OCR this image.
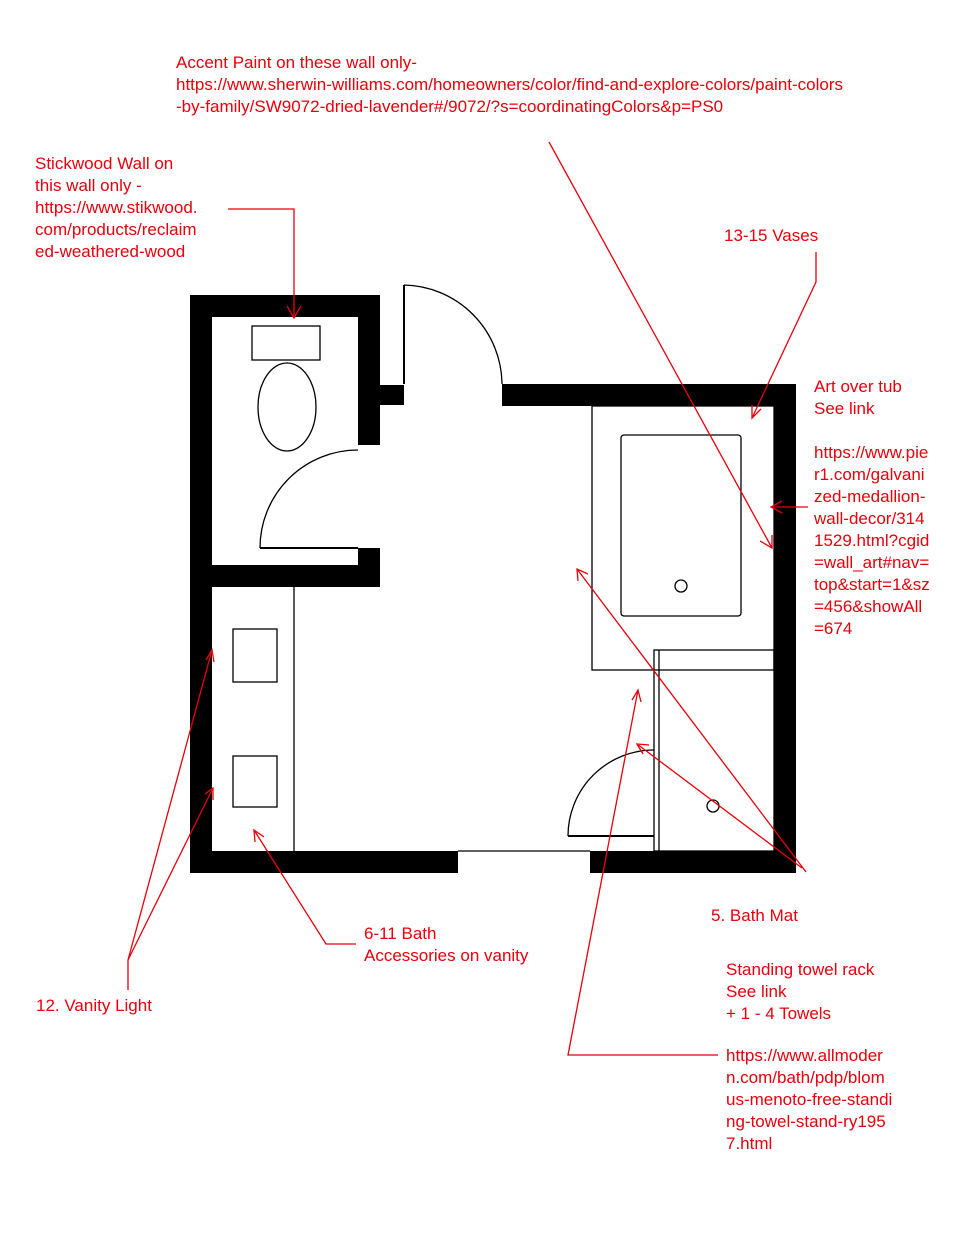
Accent Paint on these wall only-
https://www.sherwin-williams.com/homeowners/color/find-and-explore-colors/paint-colors
-by-family/SW9072-dried-lavender#/9072/?s=coordinatingColors&p=PS0
Stickwood Wall on
this wall only -
https://www.stikwood.
com/products/reclaim
ed-weathered-wood
13-15 Vases
Art over tub
See link

https://www.pie
r1.com/galvani
zed-medallion-
wall-decor/314
1529.html?cgid
=wall_art#nav=
top&start=1&sz
=456&showAll
=674
6-11 Bath
Accessories on vanity
12. Vanity Light
5. Bath Mat
Standing towel rack
See link
+ 1 - 4 Towels
https://www.allmoder
n.com/bath/pdp/blom
us-menoto-free-standi
ng-towel-stand-ry195
7.html
